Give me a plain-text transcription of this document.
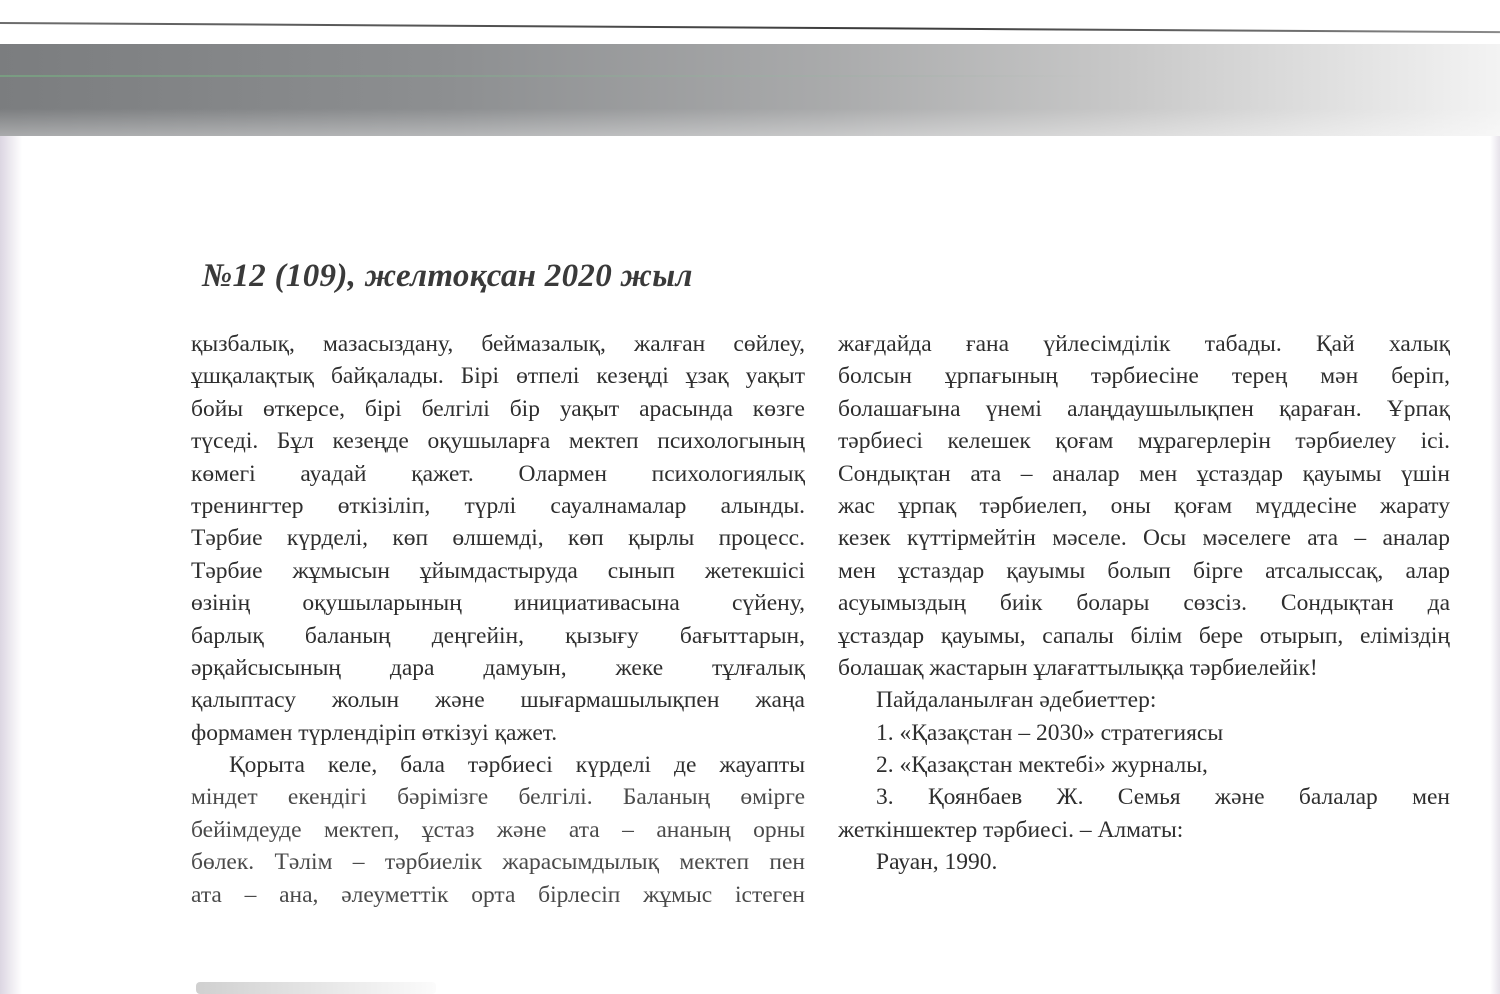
№12 (109), желтоқсан 2020 жыл
қызбалық, мазасыздану, беймазалық, жалған сөйлеу,
ұшқалақтық байқалады. Бірі өтпелі кезеңді ұзақ уақыт
бойы өткерсе, бірі белгілі бір уақыт арасында көзге
түседі. Бұл кезеңде оқушыларға мектеп психологының
көмегі ауадай қажет. Олармен психологиялық
тренингтер өткізіліп, түрлі сауалнамалар алынды.
Тәрбие күрделі, көп өлшемді, көп қырлы процесс.
Тәрбие жұмысын ұйымдастыруда сынып жетекшісі
өзінің оқушыларының инициативасына сүйену,
барлық баланың деңгейін, қызығу бағыттарын,
әрқайсысының дара дамуын, жеке тұлғалық
қалыптасу жолын және шығармашылықпен жаңа
формамен түрлендіріп өткізуі қажет.
Қорыта келе, бала тәрбиесі күрделі де жауапты
міндет екендігі бәрімізге белгілі. Баланың өмірге
бейімдеуде мектеп, ұстаз және ата – ананың орны
бөлек. Тәлім – тәрбиелік жарасымдылық мектеп пен
ата – ана, әлеуметтік орта бірлесіп жұмыс істеген
жағдайда ғана үйлесімділік табады. Қай халық
болсын ұрпағының тәрбиесіне терең мән беріп,
болашағына үнемі алаңдаушылықпен қараған. Ұрпақ
тәрбиесі келешек қоғам мұрагерлерін тәрбиелеу ісі.
Сондықтан ата – аналар мен ұстаздар қауымы үшін
жас ұрпақ тәрбиелеп, оны қоғам мүддесіне жарату
кезек күттірмейтін мәселе. Осы мәселеге ата – аналар
мен ұстаздар қауымы болып бірге атсалыссақ, алар
асуымыздың биік болары сөзсіз. Сондықтан да
ұстаздар қауымы, сапалы білім бере отырып, еліміздің
болашақ жастарын ұлағаттылыққа тәрбиелейік!
Пайдаланылған әдебиеттер:
1. «Қазақстан – 2030» стратегиясы
2. «Қазақстан мектебі» журналы,
3. Қоянбаев Ж. Семья және балалар мен
жеткіншектер тәрбиесі. – Алматы:
Рауан, 1990.
